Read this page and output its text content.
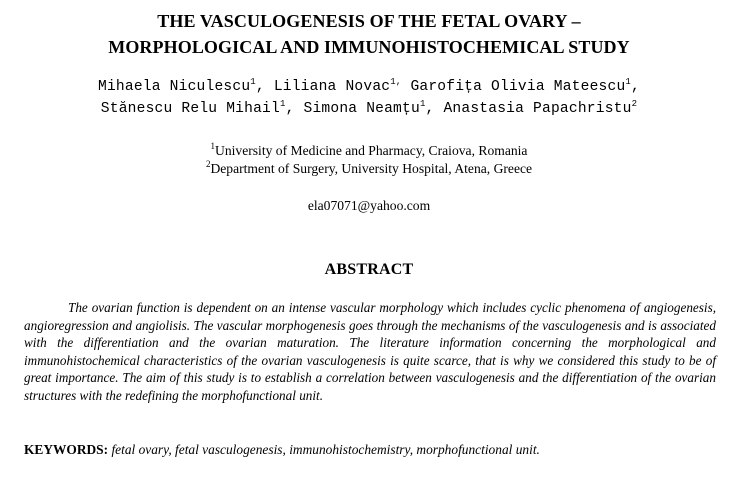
THE VASCULOGENESIS OF THE FETAL OVARY –
MORPHOLOGICAL AND IMMUNOHISTOCHEMICAL STUDY
Mihaela Niculescu$^1$, Liliana Novac$^{1,}$ Garofița Olivia Mateescu$^1$,
Stănescu Relu Mihail$^1$, Simona Neamțu$^1$, Anastasia Papachristu$^2$
$^1$University of Medicine and Pharmacy, Craiova, Romania
$^2$Department of Surgery, University Hospital, Atena, Greece
ela07071@yahoo.com
ABSTRACT
The ovarian function is dependent on an intense vascular morphology which includes cyclic phenomena of angiogenesis, angioregression and angiolisis. The vascular morphogenesis goes through the mechanisms of the vasculogenesis and is associated with the differentiation and the ovarian maturation. The literature information concerning the morphological and immunohistochemical characteristics of the ovarian vasculogenesis is quite scarce, that is why we considered this study to be of great importance. The aim of this study is to establish a correlation between vasculogenesis and the differentiation of the ovarian structures with the redefining the morphofunctional unit.
KEYWORDS: fetal ovary, fetal vasculogenesis, immunohistochemistry, morphofunctional unit.
